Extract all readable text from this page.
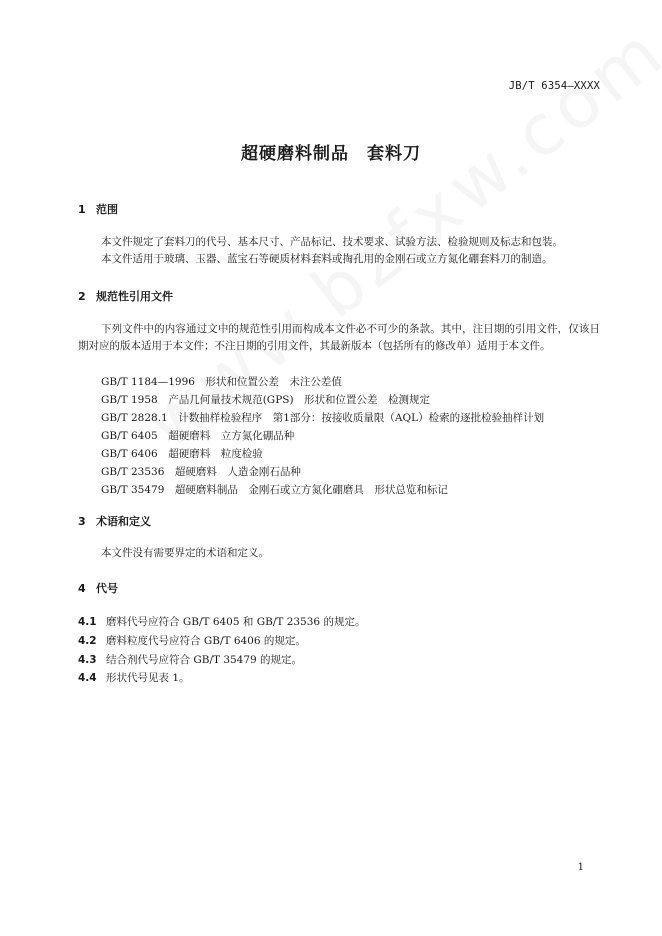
JB/T 6354—XXXX
超硬磨料制品　套料刀
1 范围
本文件规定了套料刀的代号、基本尺寸、产品标记、技术要求、试验方法、检验规则及标志和包装。
本文件适用于玻璃、玉器、蓝宝石等硬质材料套料或掏孔用的金刚石或立方氮化硼套料刀的制造。
2 规范性引用文件
下列文件中的内容通过文中的规范性引用而构成本文件必不可少的条款。其中，注日期的引用文件，仅该日期对应的版本适用于本文件；不注日期的引用文件，其最新版本（包括所有的修改单）适用于本文件。
GB/T 1184—1996　形状和位置公差　未注公差值
GB/T 1958　产品几何量技术规范(GPS)　形状和位置公差　检测规定
GB/T 2828.1　计数抽样检验程序　第1部分：按接收质量限（AQL）检索的逐批检验抽样计划
GB/T 6405　超硬磨料　立方氮化硼品种
GB/T 6406　超硬磨料　粒度检验
GB/T 23536　超硬磨料　人造金刚石品种
GB/T 35479　超硬磨料制品　金刚石或立方氮化硼磨具　形状总览和标记
3 术语和定义
本文件没有需要界定的术语和定义。
4 代号
4.1 磨料代号应符合 GB/T 6405 和 GB/T 23536 的规定。
4.2 磨料粒度代号应符合 GB/T 6406 的规定。
4.3 结合剂代号应符合 GB/T 35479 的规定。
4.4 形状代号见表 1。
1
